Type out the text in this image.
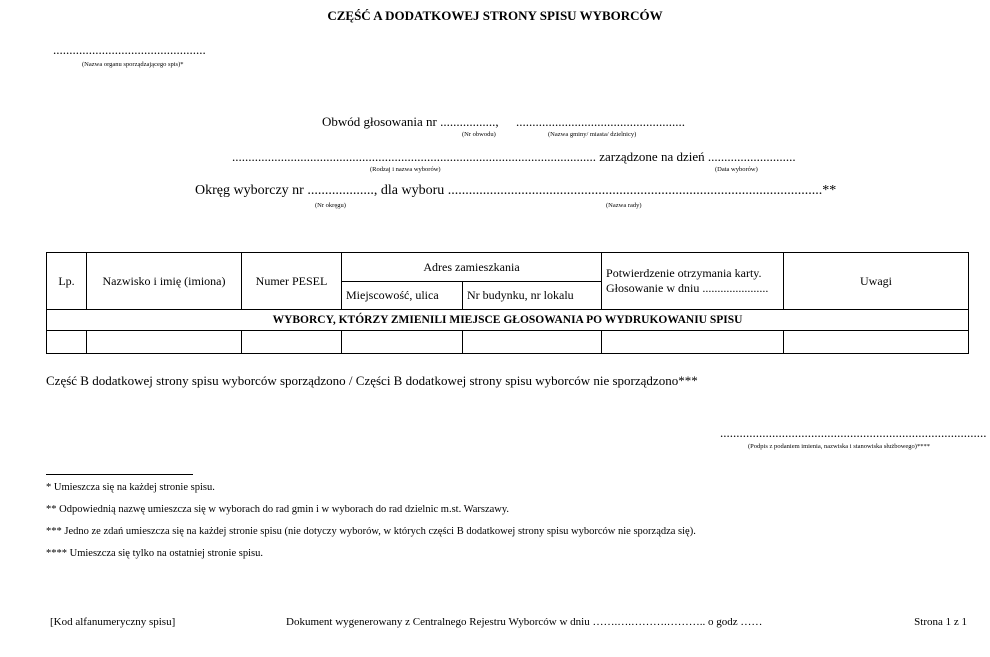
CZĘŚĆ A DODATKOWEJ STRONY SPISU WYBORCÓW
...............................................
(Nazwa organu sporządzającego spis)*
Obwód głosowania nr ................., ....................................................
(Nr obwodu)	(Nazwa gminy/ miasta/ dzielnicy)
................................................................................................................ zarządzone na dzień ...........................
(Rodzaj i nazwa wyborów)	(Data wyborów)
Okręg wyborczy nr ..................., dla wyboru ...........................................................................................................**
(Nr okręgu)	(Nazwa rady)
Lp.	Nazwisko i imię (imiona)	Numer PESEL	Adres zamieszkania		Potwierdzenie otrzymania karty.
Głosowanie w dniu ......................	Uwagi
			Miejscowość, ulica	Nr budynku, nr lokalu		
WYBORCY, KTÓRZY ZMIENILI MIEJSCE GŁOSOWANIA PO WYDRUKOWANIU SPISU						

Część B dodatkowej strony spisu wyborców sporządzono / Części B dodatkowej strony spisu wyborców nie sporządzono***
..................................................................................
(Podpis z podaniem imienia, nazwiska i stanowiska służbowego)****
* Umieszcza się na każdej stronie spisu.
** Odpowiednią nazwę umieszcza się w wyborach do rad gmin i w wyborach do rad dzielnic m.st. Warszawy.
*** Jedno ze zdań umieszcza się na każdej stronie spisu (nie dotyczy wyborów, w których części B dodatkowej strony spisu wyborców nie sporządza się).
**** Umieszcza się tylko na ostatniej stronie spisu.
[Kod alfanumeryczny spisu]	Dokument wygenerowany z Centralnego Rejestru Wyborców w dniu …….….……….……….. o godz ……	Strona 1 z 1
